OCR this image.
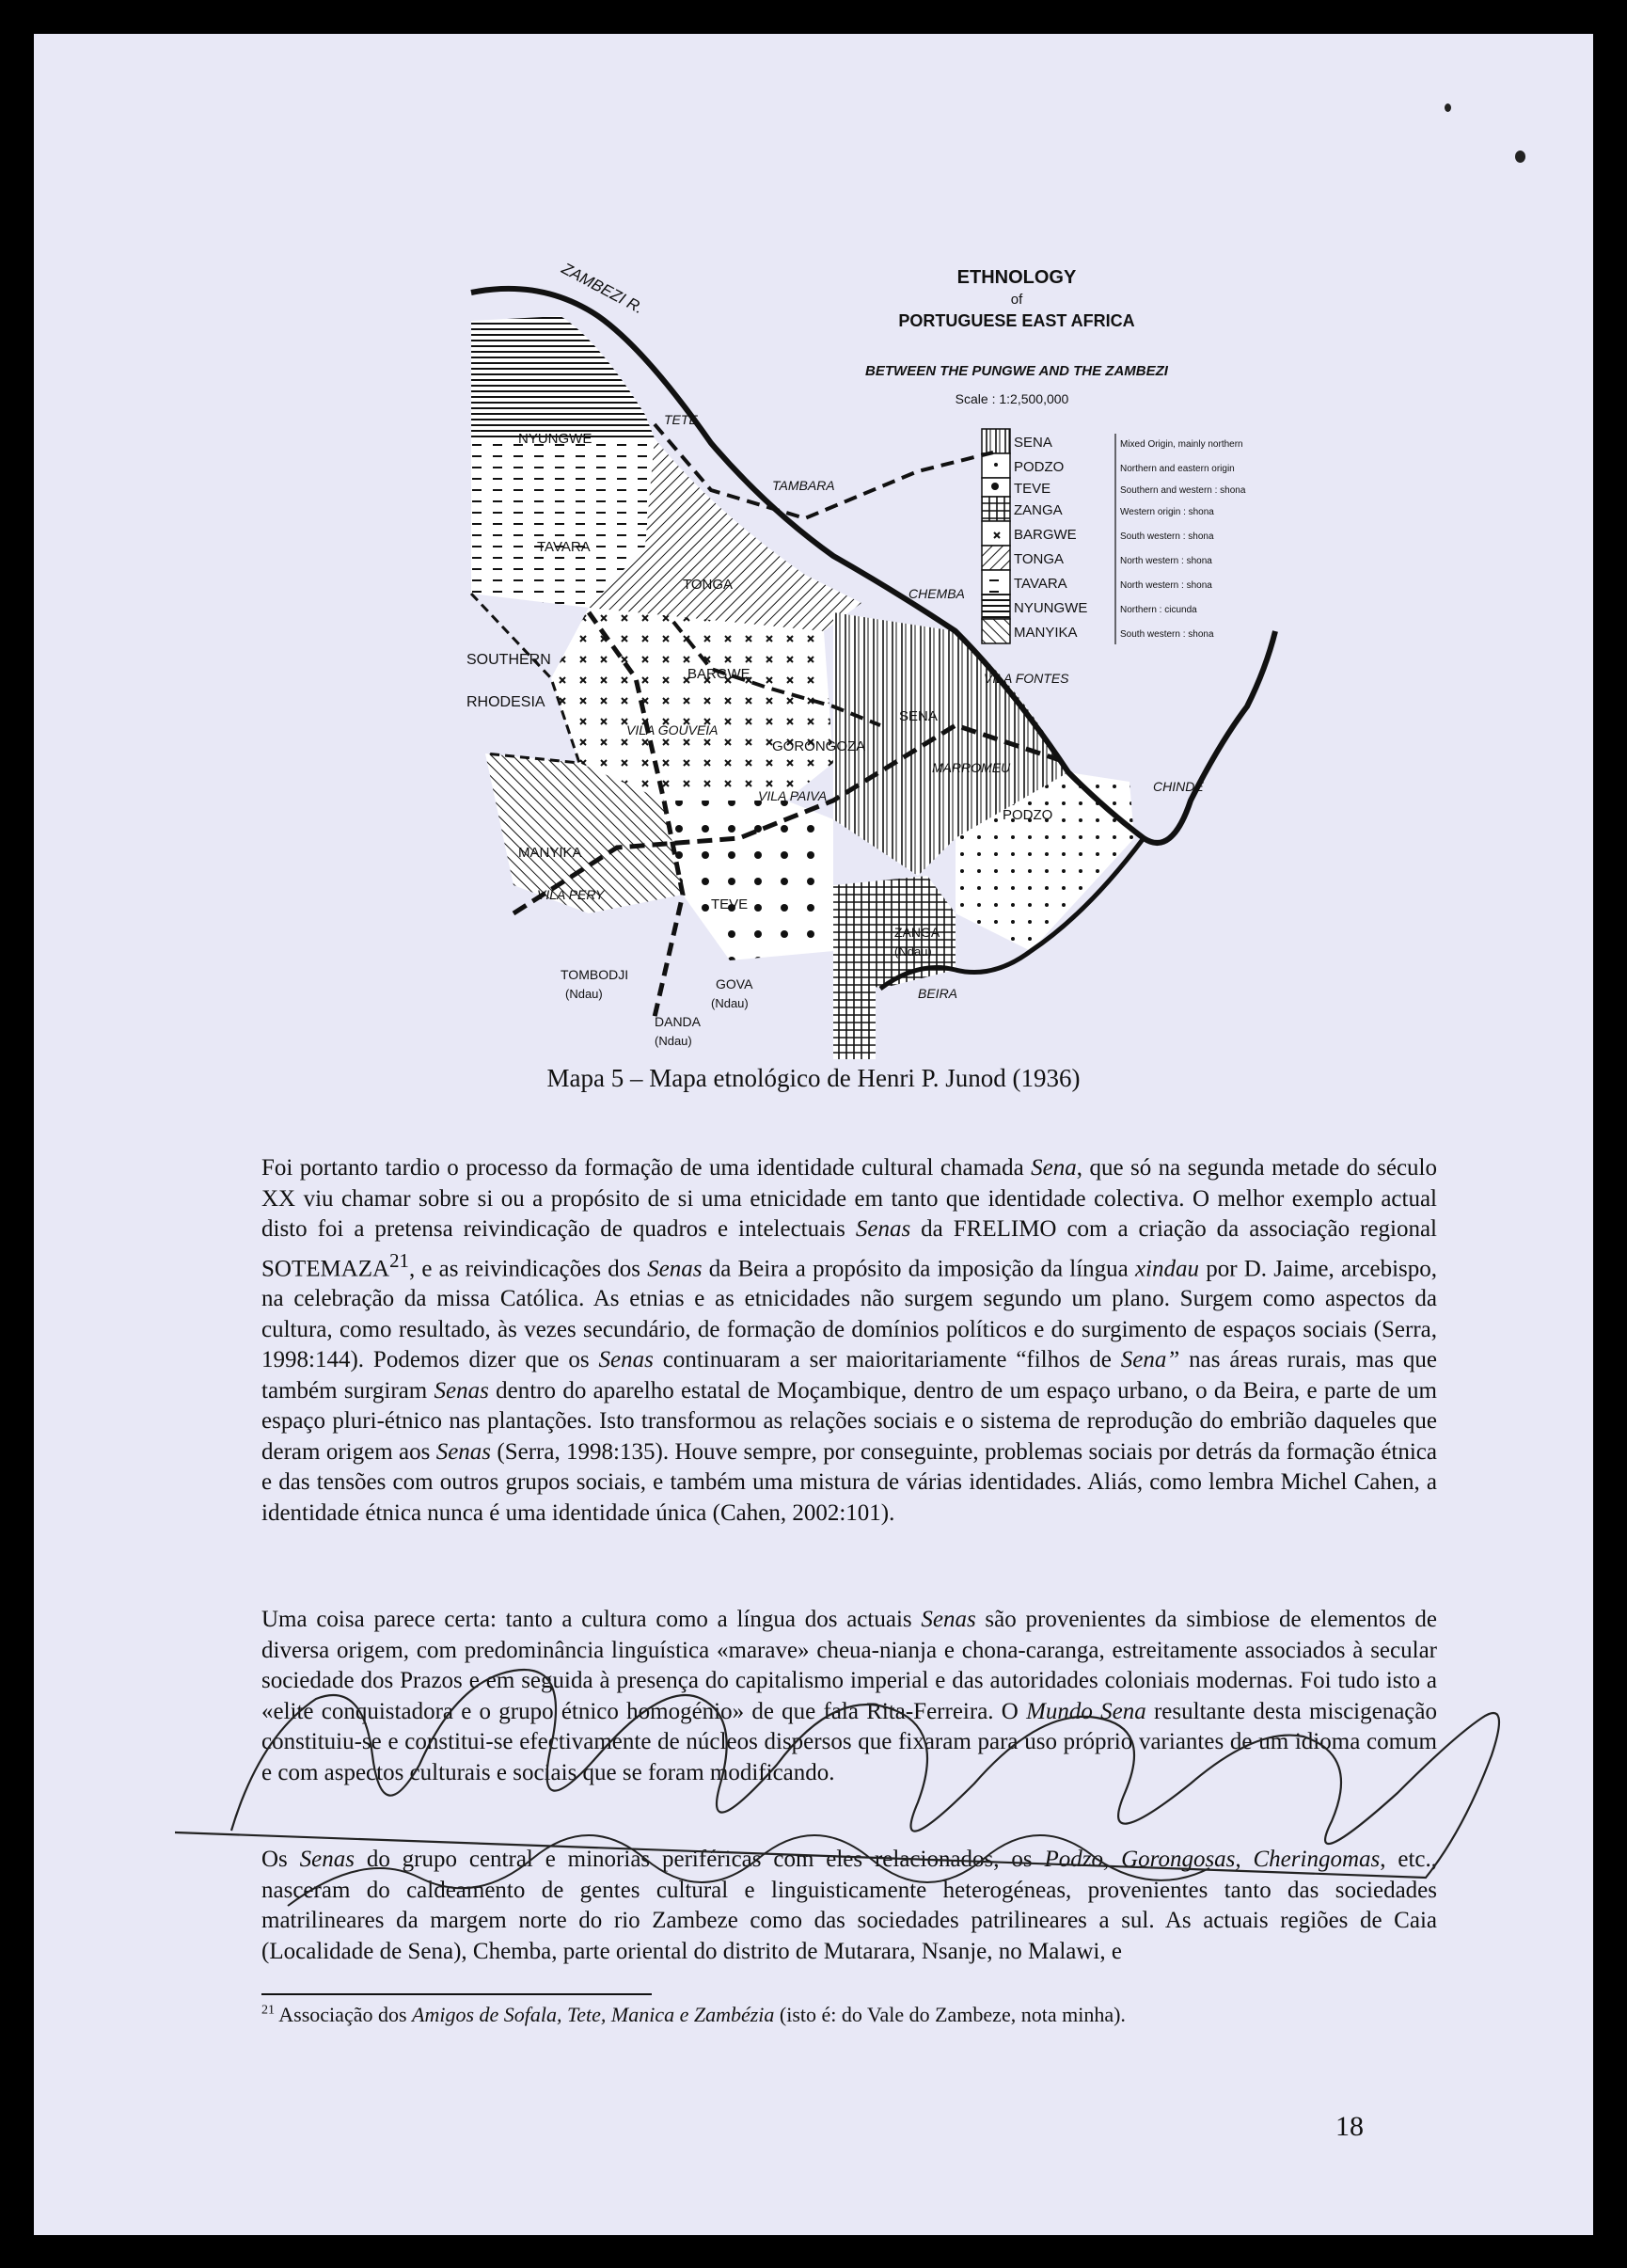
ETHNOLOGY
of
PORTUGUESE EAST AFRICA
BETWEEN THE PUNGWE AND THE ZAMBEZI
Scale : 1:2,500,000
SENA
PODZO
TEVE
ZANGA
BARGWE
TONGA
TAVARA
NYUNGWE
MANYIKA
Mixed Origin, mainly northern
Northern and eastern origin
Southern and western : shona
Western origin : shona
South western : shona
North western : shona
North western : shona
Northern : cicunda
South western : shona
ZAMBEZI R.
TETE
NYUNGWE
TAMBARA
TAVARA
TONGA
CHEMBA
SOUTHERN
RHODESIA
BARGWE	VILA FONTES
SENA
VILA GOUVEIA
GORONGOZA
MARROMEU
CHINDE
VILA PAIVA
PODZO
MANYIKA
VILA PERY
TEVE
ZANGA
(Ndau)
BEIRA
TOMBODJI
(Ndau)
GOVA
(Ndau)
DANDA
(Ndau)
Mapa 5 – Mapa etnológico de Henri P. Junod (1936)

Foi portanto tardio o processo da formação de uma identidade cultural chamada Sena, que só na segunda metade do século XX viu chamar sobre si ou a propósito de si uma etnicidade em tanto que identidade colectiva. O melhor exemplo actual disto foi a pretensa reivindicação de quadros e intelectuais Senas da FRELIMO com a criação da associação regional SOTEMAZA$^{21}$, e as reivindicações dos Senas da Beira a propósito da imposição da língua xindau por D. Jaime, arcebispo, na celebração da missa Católica. As etnias e as etnicidades não surgem segundo um plano. Surgem como aspectos da cultura, como resultado, às vezes secundário, de formação de domínios políticos e do surgimento de espaços sociais (Serra, 1998:144). Podemos dizer que os Senas continuaram a ser maioritariamente “filhos de Sena” nas áreas rurais, mas que também surgiram Senas dentro do aparelho estatal de Moçambique, dentro de um espaço urbano, o da Beira, e parte de um espaço pluri-étnico nas plantações. Isto transformou as relações sociais e o sistema de reprodução do embrião daqueles que deram origem aos Senas (Serra, 1998:135). Houve sempre, por conseguinte, problemas sociais por detrás da formação étnica e das tensões com outros grupos sociais, e também uma mistura de várias identidades. Aliás, como lembra Michel Cahen, a identidade étnica nunca é uma identidade única (Cahen, 2002:101).

Uma coisa parece certa: tanto a cultura como a língua dos actuais Senas são provenientes da simbiose de elementos de diversa origem, com predominância linguística «marave» cheua-nianja e chona-caranga, estreitamente associados à secular sociedade dos Prazos e em seguida à presença do capitalismo imperial e das autoridades coloniais modernas. Foi tudo isto a «elite conquistadora e o grupo étnico homogénio» de que fala Rita-Ferreira. O Mundo Sena resultante desta miscigenação constituiu-se e constitui-se efectivamente de núcleos dispersos que fixaram para uso próprio variantes de um idioma comum e com aspectos culturais e sociais que se foram modificando.

Os Senas do grupo central e minorias periféricas com eles relacionados, os Podzo, Gorongosas, Cheringomas, etc., nasceram do caldeamento de gentes cultural e linguisticamente heterogéneas, provenientes tanto das sociedades matrilineares da margem norte do rio Zambeze como das sociedades patrilineares a sul. As actuais regiões de Caia (Localidade de Sena), Chemba, parte oriental do distrito de Mutarara, Nsanje, no Malawi, e

$^{21}$ Associação dos Amigos de Sofala, Tete, Manica e Zambézia (isto é: do Vale do Zambeze, nota minha).
18
